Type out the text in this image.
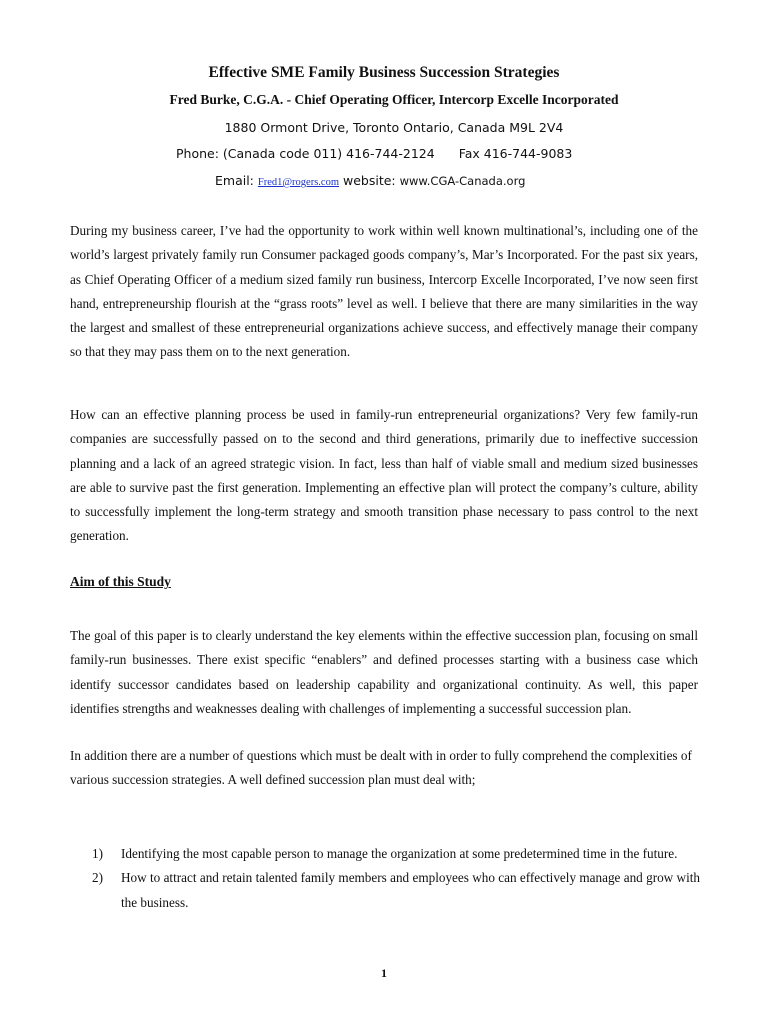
Effective SME Family Business Succession Strategies
Fred Burke, C.G.A. - Chief Operating Officer, Intercorp Excelle Incorporated
1880 Ormont Drive, Toronto Ontario, Canada M9L 2V4
Phone: (Canada code 011) 416-744-2124 Fax 416-744-9083
Email: Fred1@rogers.com website: www.CGA-Canada.org

During my business career, I’ve had the opportunity to work within well known multinational’s, including one of the world’s largest privately family run Consumer packaged goods company’s, Mar’s Incorporated. For the past six years, as Chief Operating Officer of a medium sized family run business, Intercorp Excelle Incorporated, I’ve now seen first hand, entrepreneurship flourish at the “grass roots” level as well. I believe that there are many similarities in the way the largest and smallest of these entrepreneurial organizations achieve success, and effectively manage their company so that they may pass them on to the next generation.

How can an effective planning process be used in family-run entrepreneurial organizations? Very few family-run companies are successfully passed on to the second and third generations, primarily due to ineffective succession planning and a lack of an agreed strategic vision. In fact, less than half of viable small and medium sized businesses are able to survive past the first generation. Implementing an effective plan will protect the company’s culture, ability to successfully implement the long-term strategy and smooth transition phase necessary to pass control to the next generation.

Aim of this Study

The goal of this paper is to clearly understand the key elements within the effective succession plan, focusing on small family-run businesses. There exist specific “enablers” and defined processes starting with a business case which identify successor candidates based on leadership capability and organizational continuity. As well, this paper identifies strengths and weaknesses dealing with challenges of implementing a successful succession plan.

In addition there are a number of questions which must be dealt with in order to fully comprehend the complexities of various succession strategies. A well defined succession plan must deal with;

1) Identifying the most capable person to manage the organization at some predetermined time in the future.
2) How to attract and retain talented family members and employees who can effectively manage and grow with the business.
1
